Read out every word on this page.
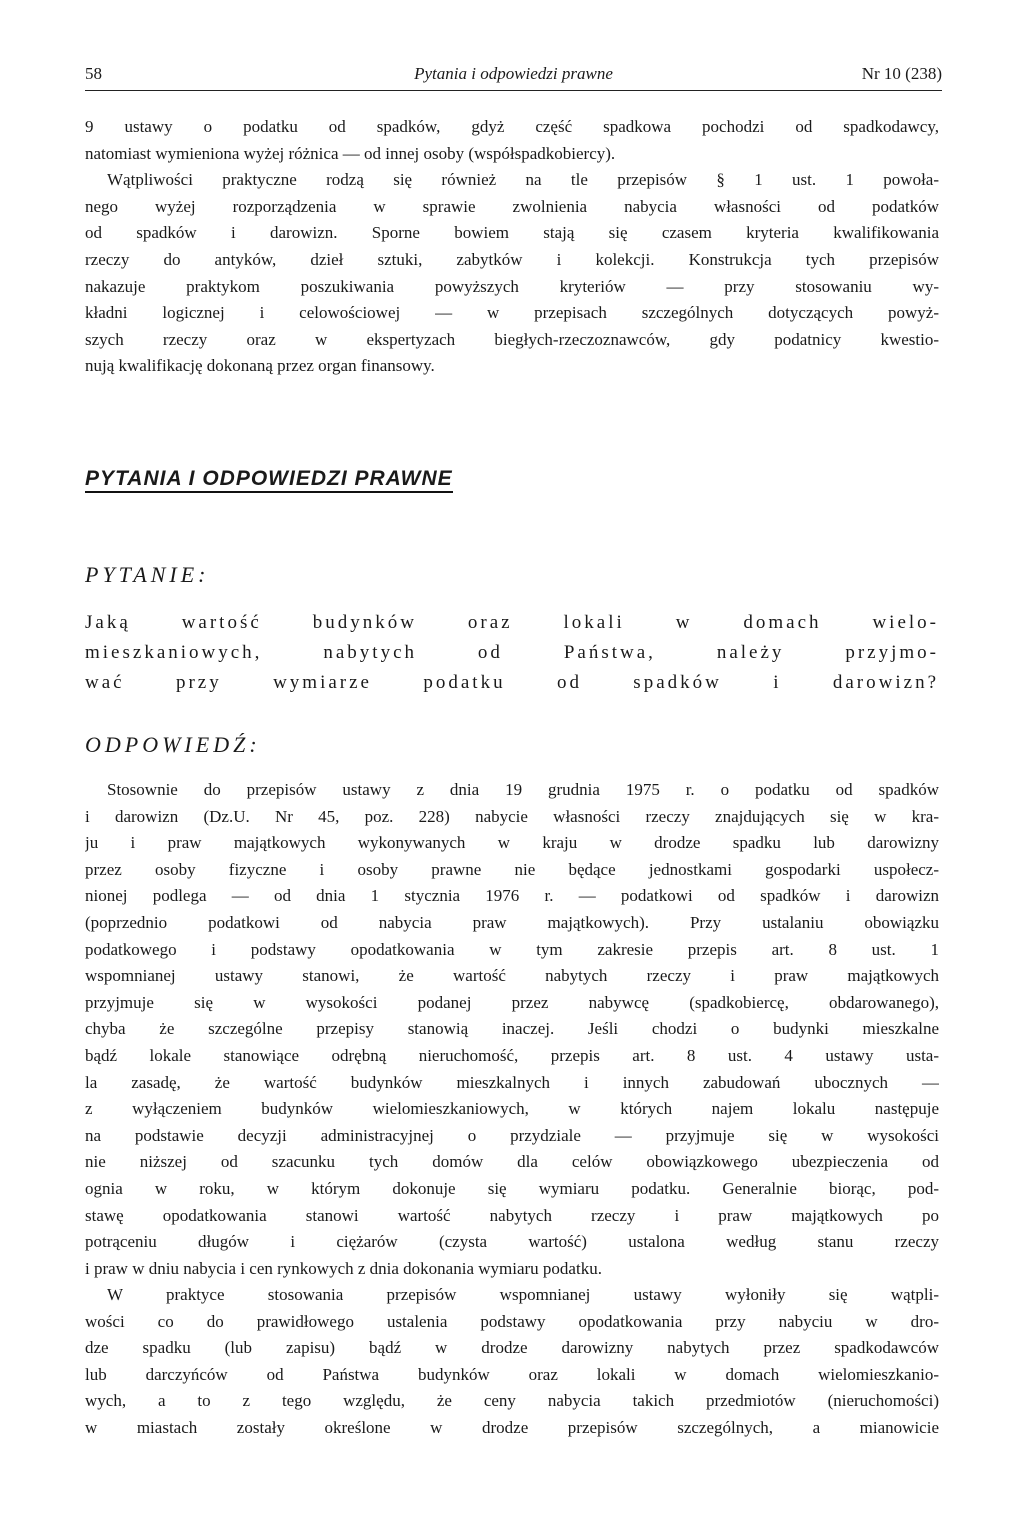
58	Pytania i odpowiedzi prawne	Nr 10 (238)
9 ustawy o podatku od spadków, gdyż część spadkowa pochodzi od spadkodawcy,
natomiast wymieniona wyżej różnica — od innej osoby (współspadkobiercy).
Wątpliwości praktyczne rodzą się również na tle przepisów § 1 ust. 1 powoła-
nego wyżej rozporządzenia w sprawie zwolnienia nabycia własności od podatków
od spadków i darowizn. Sporne bowiem stają się czasem kryteria kwalifikowania
rzeczy do antyków, dzieł sztuki, zabytków i kolekcji. Konstrukcja tych przepisów
nakazuje praktykom poszukiwania powyższych kryteriów — przy stosowaniu wy-
kładni logicznej i celowościowej — w przepisach szczególnych dotyczących powyż-
szych rzeczy oraz w ekspertyzach biegłych-rzeczoznawców, gdy podatnicy kwestio-
nują kwalifikację dokonaną przez organ finansowy.
PYTANIA I ODPOWIEDZI PRAWNE
PYTANIE:
Jaką wartość budynków oraz lokali w domach wielo-
mieszkaniowych, nabytych od Państwa, należy przyjmo-
wać przy wymiarze podatku od spadków i darowizn?
ODPOWIEDŹ:
Stosownie do przepisów ustawy z dnia 19 grudnia 1975 r. o podatku od spadków
i darowizn (Dz.U. Nr 45, poz. 228) nabycie własności rzeczy znajdujących się w kra-
ju i praw majątkowych wykonywanych w kraju w drodze spadku lub darowizny
przez osoby fizyczne i osoby prawne nie będące jednostkami gospodarki uspołecz-
nionej podlega — od dnia 1 stycznia 1976 r. — podatkowi od spadków i darowizn
(poprzednio podatkowi od nabycia praw majątkowych). Przy ustalaniu obowiązku
podatkowego i podstawy opodatkowania w tym zakresie przepis art. 8 ust. 1
wspomnianej ustawy stanowi, że wartość nabytych rzeczy i praw majątkowych
przyjmuje się w wysokości podanej przez nabywcę (spadkobiercę, obdarowanego),
chyba że szczególne przepisy stanowią inaczej. Jeśli chodzi o budynki mieszkalne
bądź lokale stanowiące odrębną nieruchomość, przepis art. 8 ust. 4 ustawy usta-
la zasadę, że wartość budynków mieszkalnych i innych zabudowań ubocznych —
z wyłączeniem budynków wielomieszkaniowych, w których najem lokalu następuje
na podstawie decyzji administracyjnej o przydziale — przyjmuje się w wysokości
nie niższej od szacunku tych domów dla celów obowiązkowego ubezpieczenia od
ognia w roku, w którym dokonuje się wymiaru podatku. Generalnie biorąc, pod-
stawę opodatkowania stanowi wartość nabytych rzeczy i praw majątkowych po
potrąceniu długów i ciężarów (czysta wartość) ustalona według stanu rzeczy
i praw w dniu nabycia i cen rynkowych z dnia dokonania wymiaru podatku.
W praktyce stosowania przepisów wspomnianej ustawy wyłoniły się wątpli-
wości co do prawidłowego ustalenia podstawy opodatkowania przy nabyciu w dro-
dze spadku (lub zapisu) bądź w drodze darowizny nabytych przez spadkodawców
lub darczyńców od Państwa budynków oraz lokali w domach wielomieszkanio-
wych, a to z tego względu, że ceny nabycia takich przedmiotów (nieruchomości)
w miastach zostały określone w drodze przepisów szczególnych, a mianowicie
